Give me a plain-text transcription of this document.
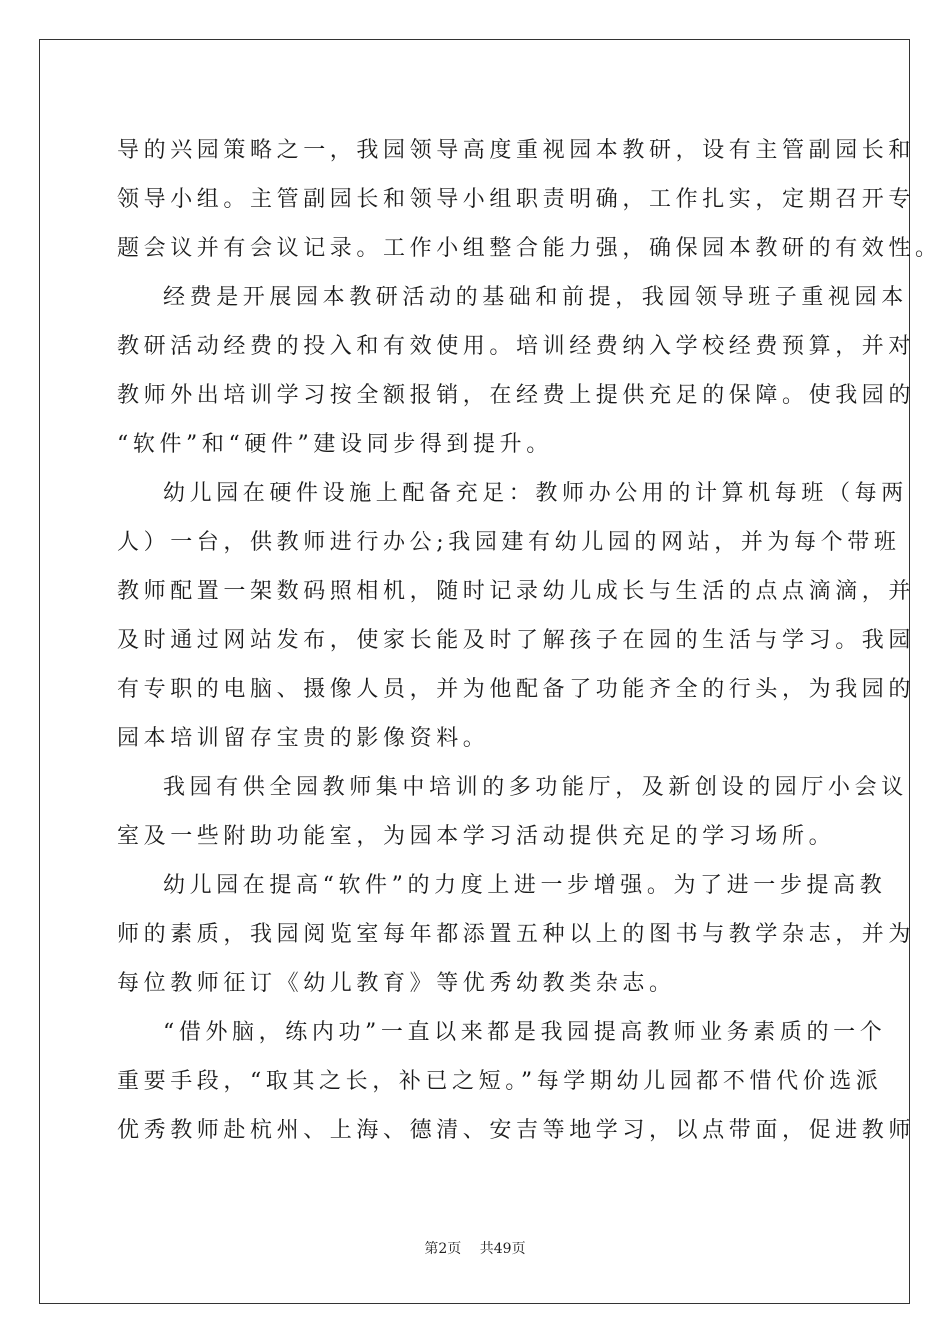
导的兴园策略之一，我园领导高度重视园本教研，设有主管副园长和
领导小组。主管副园长和领导小组职责明确，工作扎实，定期召开专
题会议并有会议记录。工作小组整合能力强，确保园本教研的有效性。
经费是开展园本教研活动的基础和前提，我园领导班子重视园本
教研活动经费的投入和有效使用。培训经费纳入学校经费预算，并对
教师外出培训学习按全额报销，在经费上提供充足的保障。使我园的
“软件”和“硬件”建设同步得到提升。
幼儿园在硬件设施上配备充足：教师办公用的计算机每班（每两
人）一台，供教师进行办公;我园建有幼儿园的网站，并为每个带班
教师配置一架数码照相机，随时记录幼儿成长与生活的点点滴滴，并
及时通过网站发布，使家长能及时了解孩子在园的生活与学习。我园
有专职的电脑、摄像人员，并为他配备了功能齐全的行头，为我园的
园本培训留存宝贵的影像资料。
我园有供全园教师集中培训的多功能厅，及新创设的园厅小会议
室及一些附助功能室，为园本学习活动提供充足的学习场所。
幼儿园在提高“软件”的力度上进一步增强。为了进一步提高教
师的素质，我园阅览室每年都添置五种以上的图书与教学杂志，并为
每位教师征订《幼儿教育》等优秀幼教类杂志。
“借外脑，练内功”一直以来都是我园提高教师业务素质的一个
重要手段，“取其之长，补已之短。”每学期幼儿园都不惜代价选派
优秀教师赴杭州、上海、德清、安吉等地学习，以点带面，促进教师
第2页 共49页
